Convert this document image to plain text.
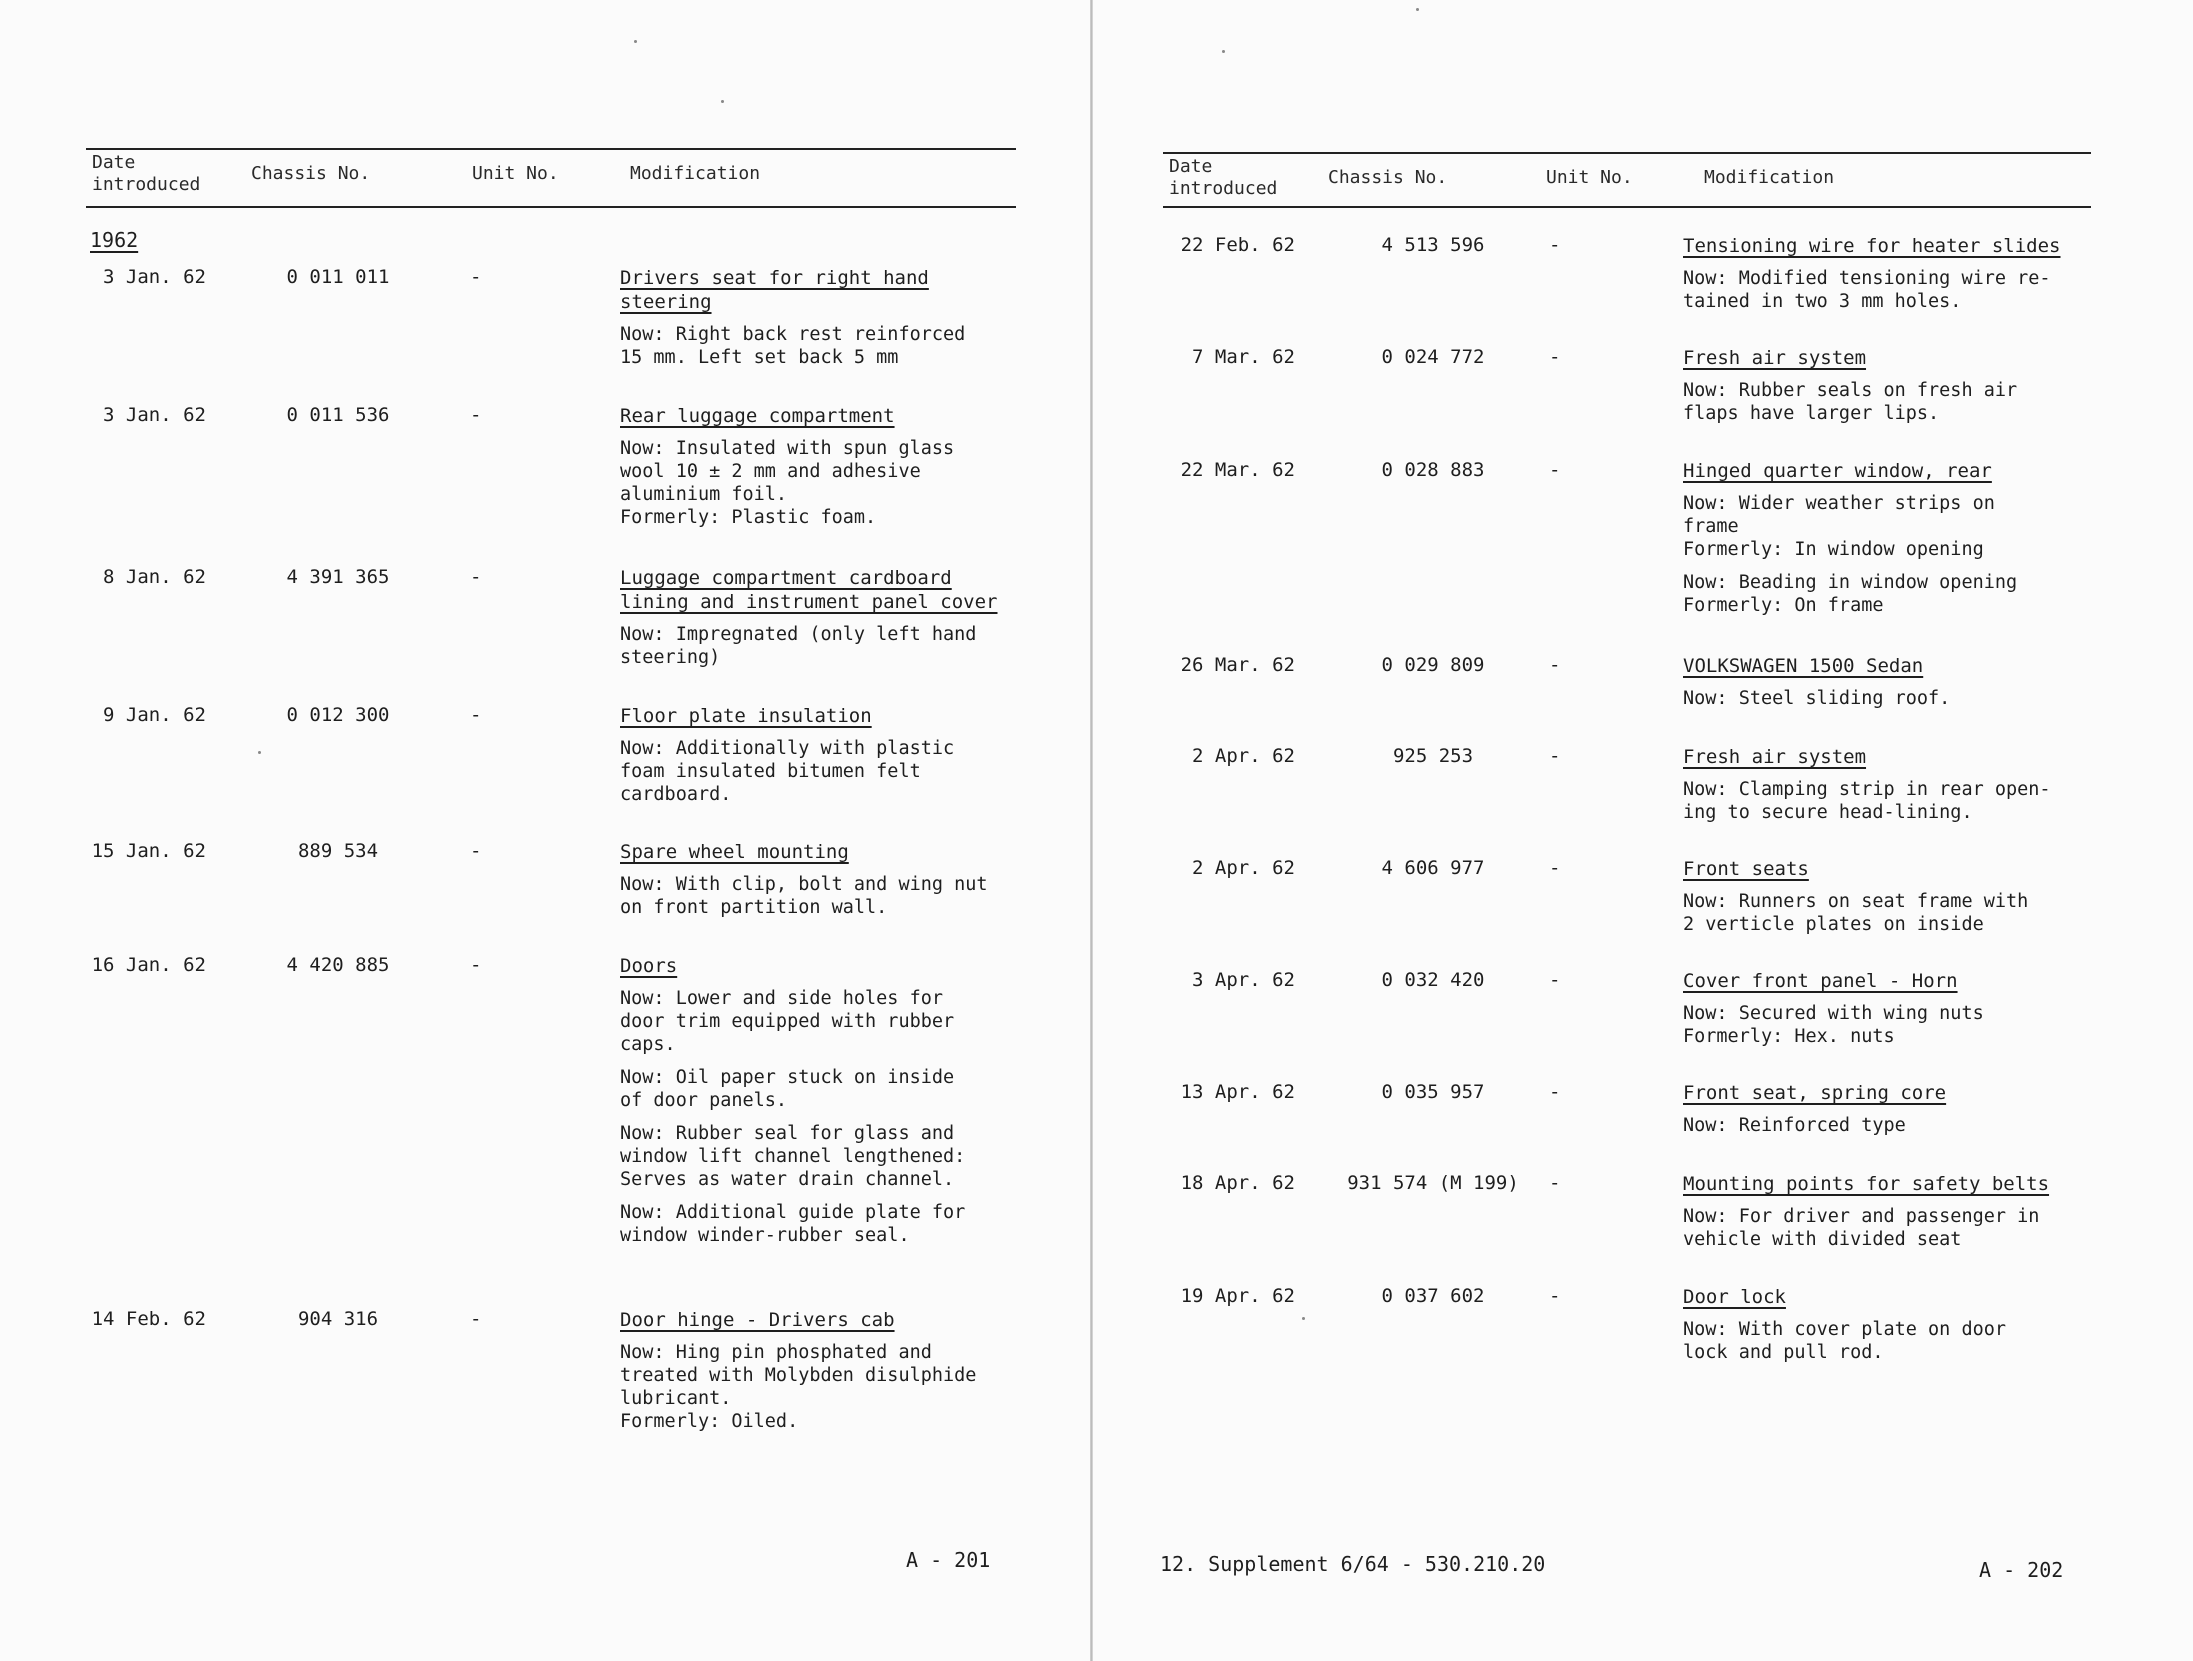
Date
introduced
Chassis No.	Unit No.	Modification
1962
3 Jan. 62	0 011 011	-	Drivers seat for right hand
steering
Now: Right back rest reinforced
15 mm. Left set back 5 mm
3 Jan. 62	0 011 536	-	Rear luggage compartment
Now: Insulated with spun glass
wool 10 ± 2 mm and adhesive
aluminium foil.
Formerly: Plastic foam.
8 Jan. 62	4 391 365	-	Luggage compartment cardboard
lining and instrument panel cover
Now: Impregnated (only left hand
steering)
9 Jan. 62	0 012 300	-	Floor plate insulation
Now: Additionally with plastic
foam insulated bitumen felt
cardboard.
15 Jan. 62	889 534	-	Spare wheel mounting
Now: With clip, bolt and wing nut
on front partition wall.
16 Jan. 62	4 420 885	-	Doors
Now: Lower and side holes for
door trim equipped with rubber
caps.
Now: Oil paper stuck on inside
of door panels.
Now: Rubber seal for glass and
window lift channel lengthened:
Serves as water drain channel.
Now: Additional guide plate for
window winder-rubber seal.
14 Feb. 62	904 316	-	Door hinge - Drivers cab
Now: Hing pin phosphated and
treated with Molybden disulphide
lubricant.
Formerly: Oiled.
A - 201
Date
introduced
Chassis No.	Unit No.	Modification
22 Feb. 62	4 513 596	-	Tensioning wire for heater slides
Now: Modified tensioning wire re-
tained in two 3 mm holes.
7 Mar. 62	0 024 772	-	Fresh air system
Now: Rubber seals on fresh air
flaps have larger lips.
22 Mar. 62	0 028 883	-	Hinged quarter window, rear
Now: Wider weather strips on
frame
Formerly: In window opening
Now: Beading in window opening
Formerly: On frame
26 Mar. 62	0 029 809	-	VOLKSWAGEN 1500 Sedan
Now: Steel sliding roof.
2 Apr. 62	925 253	-	Fresh air system
Now: Clamping strip in rear open-
ing to secure head-lining.
2 Apr. 62	4 606 977	-	Front seats
Now: Runners on seat frame with
2 verticle plates on inside
3 Apr. 62	0 032 420	-	Cover front panel - Horn
Now: Secured with wing nuts
Formerly: Hex. nuts
13 Apr. 62	0 035 957	-	Front seat, spring core
Now: Reinforced type
18 Apr. 62	931 574 (M 199)	-	Mounting points for safety belts
Now: For driver and passenger in
vehicle with divided seat
19 Apr. 62	0 037 602	-	Door lock
Now: With cover plate on door
lock and pull rod.
12. Supplement 6/64 - 530.210.20	A - 202
